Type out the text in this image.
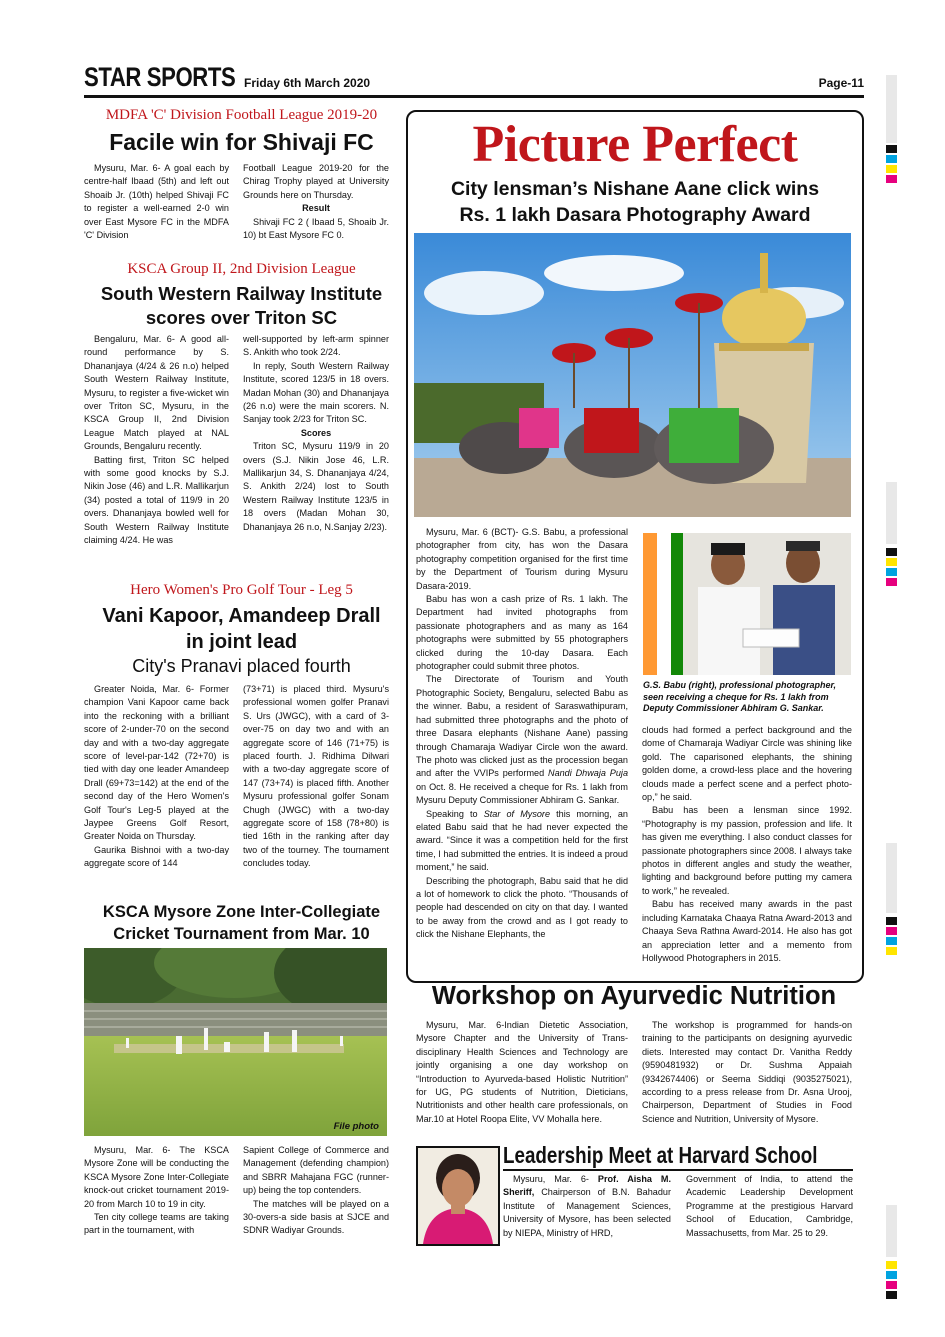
STAR SPORTS Friday 6th March 2020	Page-11
MDFA 'C' Division Football League 2019-20
Facile win for Shivaji FC

Mysuru, Mar. 6- A goal each by centre-half Ibaad (5th) and left out Shoaib Jr. (10th) helped Shivaji FC to register a well-earned 2-0 win over East Mysore FC in the MDFA 'C' Division

Football League 2019-20 for the Chirag Trophy played at University Grounds here on Thursday.

Result

Shivaji FC 2 ( Ibaad 5, Shoaib Jr. 10) bt East Mysore FC 0.

KSCA Group II, 2nd Division League
South Western Railway Institute
scores over Triton SC

Bengaluru, Mar. 6- A good all-round performance by S. Dhananjaya (4/24 & 26 n.o) helped South Western Railway Institute, Mysuru, to register a five-wicket win over Triton SC, Mysuru, in the KSCA Group II, 2nd Division League Match played at NAL Grounds, Bengaluru recently.

Batting first, Triton SC helped with some good knocks by S.J. Nikin Jose (46) and L.R. Mallikarjun (34) posted a total of 119/9 in 20 overs. Dhananjaya bowled well for South Western Railway Institute claiming 4/24. He was

well-supported by left-arm spinner S. Ankith who took 2/24.

In reply, South Western Railway Institute, scored 123/5 in 18 overs. Madan Mohan (30) and Dhananjaya (26 n.o) were the main scorers. N. Sanjay took 2/23 for Triton SC.

Scores

Triton SC, Mysuru 119/9 in 20 overs (S.J. Nikin Jose 46, L.R. Mallikarjun 34, S. Dhananjaya 4/24, S. Ankith 2/24) lost to South Western Railway Institute 123/5 in 18 overs (Madan Mohan 30, Dhananjaya 26 n.o, N.Sanjay 2/23).

Hero Women's Pro Golf Tour - Leg 5
Vani Kapoor, Amandeep Drall
in joint lead
City's Pranavi placed fourth

Greater Noida, Mar. 6- Former champion Vani Kapoor came back into the reckoning with a brilliant score of 2-under-70 on the second day and with a two-day aggregate score of level-par-142 (72+70) is tied with day one leader Amandeep Drall (69+73=142) at the end of the second day of the Hero Women's Golf Tour's Leg-5 played at the Jaypee Greens Golf Resort, Greater Noida on Thursday.

Gaurika Bishnoi with a two-day aggregate score of 144

(73+71) is placed third. Mysuru's professional women golfer Pranavi S. Urs (JWGC), with a card of 3-over-75 on day two and with an aggregate score of 146 (71+75) is placed fourth. J. Ridhima Dilwari with a two-day aggregate score of 147 (73+74) is placed fifth. Another Mysuru professional golfer Sonam Chugh (JWGC) with a two-day aggregate score of 158 (78+80) is tied 16th in the ranking after day two of the tourney. The tournament concludes today.

KSCA Mysore Zone Inter-Collegiate
Cricket Tournament from Mar. 10
File photo

Mysuru, Mar. 6- The KSCA Mysore Zone will be conducting the KSCA Mysore Zone Inter-Collegiate knock-out cricket tournament 2019-20 from March 10 to 19 in city.

Ten city college teams are taking part in the tournament, with

Sapient College of Commerce and Management (defending champion) and SBRR Mahajana FGC (runner-up) being the top contenders.

The matches will be played on a 30-overs-a side basis at SJCE and SDNR Wadiyar Grounds.

Picture Perfect
City lensman’s Nishane Aane click wins
Rs. 1 lakh Dasara Photography Award

Mysuru, Mar. 6 (BCT)- G.S. Babu, a professional photographer from city, has won the Dasara photography competition organised for the first time by the Department of Tourism during Mysuru Dasara-2019.

Babu has won a cash prize of Rs. 1 lakh. The Department had invited photographs from passionate photographers and as many as 164 photographs were submitted by 55 photographers clicked during the 10-day Dasara. Each photographer could submit three photos.

The Directorate of Tourism and Youth Photographic Society, Bengaluru, selected Babu as the winner. Babu, a resident of Saraswathipuram, had submitted three photographs and the photo of three Dasara elephants (Nishane Aane) passing through Chamaraja Wadiyar Circle won the award. The photo was clicked just as the procession began and after the VVIPs performed Nandi Dhwaja Puja on Oct. 8. He received a cheque for Rs. 1 lakh from Mysuru Deputy Commissioner Abhiram G. Sankar.

Speaking to Star of Mysore this morning, an elated Babu said that he had never expected the award. “Since it was a competition held for the first time, I had submitted the entries. It is indeed a proud moment,” he said.

Describing the photograph, Babu said that he did a lot of homework to click the photo. “Thousands of people had descended on city on that day. I wanted to be away from the crowd and as I got ready to click the Nishane Elephants, the

G.S. Babu (right), professional photographer, seen receiving a cheque for Rs. 1 lakh from Deputy Commissioner Abhiram G. Sankar.

clouds had formed a perfect background and the dome of Chamaraja Wadiyar Circle was shining like gold. The caparisoned elephants, the shining golden dome, a crowd-less place and the hovering clouds made a perfect scene and a perfect photo-op,” he said.

Babu has been a lensman since 1992. “Photography is my passion, profession and life. It has given me everything. I also conduct classes for passionate photographers since 2008. I always take photos in different angles and study the weather, lighting and background before putting my camera to work,” he revealed.

Babu has received many awards in the past including Karnataka Chaaya Ratna Award-2013 and Chaaya Seva Rathna Award-2014. He also has got an appreciation letter and a memento from Hollywood Photographers in 2015.

Workshop on Ayurvedic Nutrition

Mysuru, Mar. 6-Indian Dietetic Association, Mysore Chapter and the University of Trans-disciplinary Health Sciences and Technology are jointly organising a one day workshop on “Introduction to Ayurveda-based Holistic Nutrition” for UG, PG students of Nutrition, Dieticians, Nutritionists and other health care professionals, on Mar.10 at Hotel Roopa Elite, VV Mohalla here.

The workshop is programmed for hands-on training to the participants on designing ayurvedic diets. Interested may contact Dr. Vanitha Reddy (9590481932) or Dr. Sushma Appaiah (9342674406) or Seema Siddiqi (9035275021), according to a press release from Dr. Asna Urooj, Chairperson, Department of Studies in Food Science and Nutrition, University of Mysore.

Leadership Meet at Harvard School

Mysuru, Mar. 6- Prof. Aisha M. Sheriff, Chairperson of B.N. Bahadur Institute of Management Sciences, University of Mysore, has been selected by NIEPA, Ministry of HRD,

Government of India, to attend the Academic Leadership Development Programme at the prestigious Harvard School of Education, Cambridge, Massachusetts, from Mar. 25 to 29.
